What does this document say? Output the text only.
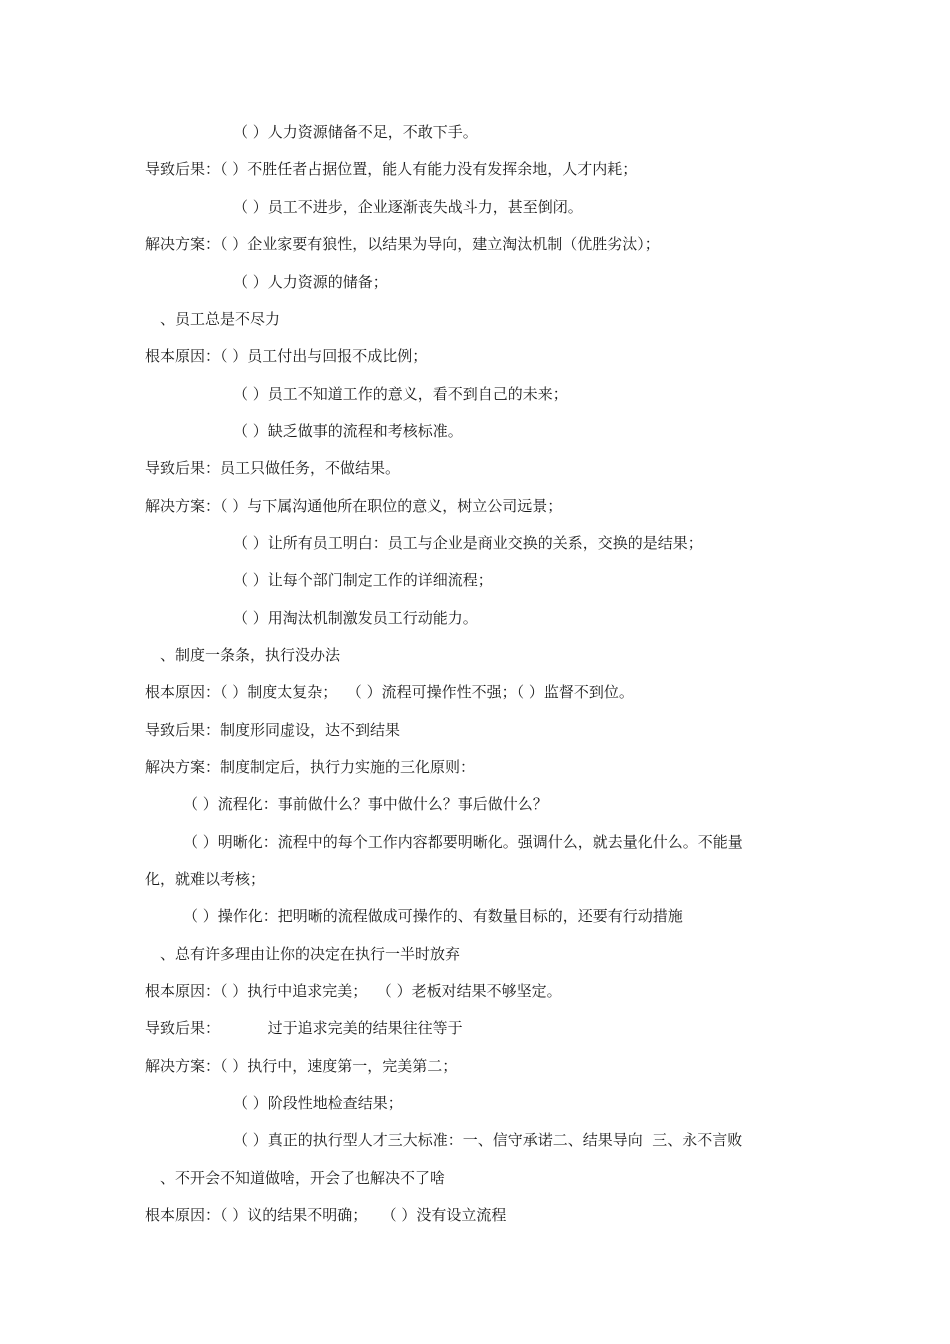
（ ）人力资源储备不足，不敢下手。

导致后果：（ ）不胜任者占据位置，能人有能力没有发挥余地，人才内耗；

（ ）员工不进步，企业逐渐丧失战斗力，甚至倒闭。

解决方案：（ ）企业家要有狼性，以结果为导向，建立淘汰机制（优胜劣汰）；

（ ）人力资源的储备；

、员工总是不尽力

根本原因：（ ）员工付出与回报不成比例；

（ ）员工不知道工作的意义，看不到自己的未来；

（ ）缺乏做事的流程和考核标准。

导致后果：员工只做任务，不做结果。

解决方案：（ ）与下属沟通他所在职位的意义，树立公司远景；

（ ）让所有员工明白：员工与企业是商业交换的关系，交换的是结果；

（ ）让每个部门制定工作的详细流程；

（ ）用淘汰机制激发员工行动能力。

、制度一条条，执行没办法

根本原因：（ ）制度太复杂；  （ ）流程可操作性不强；（ ）监督不到位。

导致后果：制度形同虚设，达不到结果

解决方案：制度制定后，执行力实施的三化原则：

（ ）流程化：事前做什么？事中做什么？事后做什么？

（ ）明晰化：流程中的每个工作内容都要明晰化。强调什么，就去量化什么。不能量

化，就难以考核；

（ ）操作化：把明晰的流程做成可操作的、有数量目标的，还要有行动措施

、总有许多理由让你的决定在执行一半时放弃

根本原因：（ ）执行中追求完美；  （ ）老板对结果不够坚定。

导致后果：          过于追求完美的结果往往等于

解决方案：（ ）执行中，速度第一，完美第二；

（ ）阶段性地检查结果；

（ ）真正的执行型人才三大标准：一、信守承诺二、结果导向  三、永不言败

、不开会不知道做啥，开会了也解决不了啥

根本原因：（ ）议的结果不明确；   （ ）没有设立流程
